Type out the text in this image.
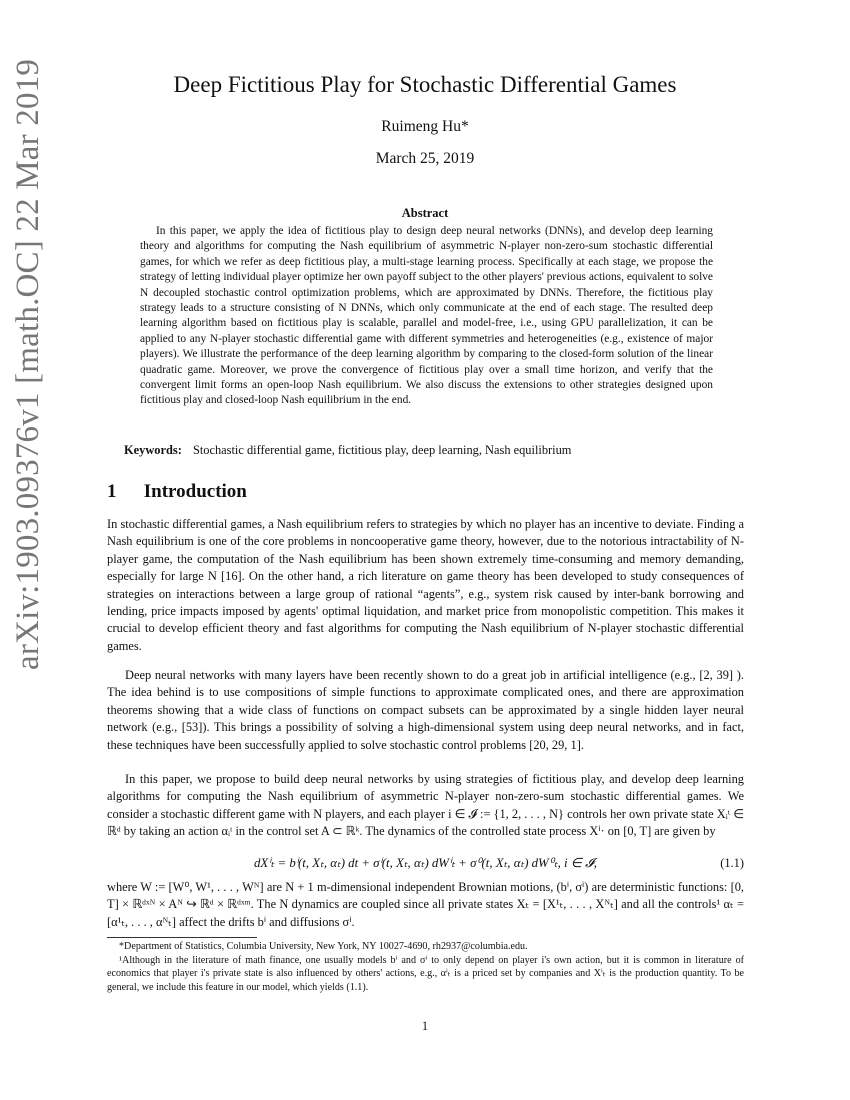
arXiv:1903.09376v1 [math.OC] 22 Mar 2019	Deep Fictitious Play for Stochastic Differential Games
Ruimeng Hu*
March 25, 2019
Abstract

In this paper, we apply the idea of fictitious play to design deep neural networks (DNNs), and develop deep learning theory and algorithms for computing the Nash equilibrium of asymmetric N-player non-zero-sum stochastic differential games, for which we refer as deep fictitious play, a multi-stage learning process. Specifically at each stage, we propose the strategy of letting individual player optimize her own payoff subject to the other players' previous actions, equivalent to solve N decoupled stochastic control optimization problems, which are approximated by DNNs. Therefore, the fictitious play strategy leads to a structure consisting of N DNNs, which only communicate at the end of each stage. The resulted deep learning algorithm based on fictitious play is scalable, parallel and model-free, i.e., using GPU parallelization, it can be applied to any N-player stochastic differential game with different symmetries and heterogeneities (e.g., existence of major players). We illustrate the performance of the deep learning algorithm by comparing to the closed-form solution of the linear quadratic game. Moreover, we prove the convergence of fictitious play over a small time horizon, and verify that the convergent limit forms an open-loop Nash equilibrium. We also discuss the extensions to other strategies designed upon fictitious play and closed-loop Nash equilibrium in the end.

Keywords: Stochastic differential game, fictitious play, deep learning, Nash equilibrium
1 Introduction

In stochastic differential games, a Nash equilibrium refers to strategies by which no player has an incentive to deviate. Finding a Nash equilibrium is one of the core problems in noncooperative game theory, however, due to the notorious intractability of N-player game, the computation of the Nash equilibrium has been shown extremely time-consuming and memory demanding, especially for large N [16]. On the other hand, a rich literature on game theory has been developed to study consequences of strategies on interactions between a large group of rational “agents”, e.g., system risk caused by inter-bank borrowing and lending, price impacts imposed by agents' optimal liquidation, and market price from monopolistic competition. This makes it crucial to develop efficient theory and fast algorithms for computing the Nash equilibrium of N-player stochastic differential games.

Deep neural networks with many layers have been recently shown to do a great job in artificial intelligence (e.g., [2, 39] ). The idea behind is to use compositions of simple functions to approximate complicated ones, and there are approximation theorems showing that a wide class of functions on compact subsets can be approximated by a single hidden layer neural network (e.g., [53]). This brings a possibility of solving a high-dimensional system using deep neural networks, and in fact, these techniques have been successfully applied to solve stochastic control problems [20, 29, 1].

In this paper, we propose to build deep neural networks by using strategies of fictitious play, and develop deep learning algorithms for computing the Nash equilibrium of asymmetric N-player non-zero-sum stochastic differential games. We consider a stochastic different game with N players, and each player i ∈ 𝓘 := {1, 2, . . . , N} controls her own private state Xᵢᵗ ∈ ℝᵈ by taking an action αᵢᵗ in the control set A ⊂ ℝᵏ. The dynamics of the controlled state process Xⁱ· on [0, T] are given by

dXⁱₜ = bⁱ(t, Xₜ, αₜ) dt + σⁱ(t, Xₜ, αₜ) dWⁱₜ + σ⁰(t, Xₜ, αₜ) dW⁰ₜ, i ∈ 𝓘,	(1.1)

where W := [W⁰, W¹, . . . , Wᴺ] are N + 1 m-dimensional independent Brownian motions, (bⁱ, σⁱ) are deterministic functions: [0, T] × ℝᵈˣᴺ × Aᴺ ↪ ℝᵈ × ℝᵈˣᵐ. The N dynamics are coupled since all private states Xₜ = [X¹ₜ, . . . , Xᴺₜ] and all the controls¹ αₜ = [α¹ₜ, . . . , αᴺₜ] affect the drifts bⁱ and diffusions σⁱ.

*Department of Statistics, Columbia University, New York, NY 10027-4690, rh2937@columbia.edu.

¹Although in the literature of math finance, one usually models bⁱ and σⁱ to only depend on player i's own action, but it is common in literature of economics that player i's private state is also influenced by others' actions, e.g., αⁱₜ is a priced set by companies and Xⁱₜ is the production quantity. To be general, we include this feature in our model, which yields (1.1).

1
